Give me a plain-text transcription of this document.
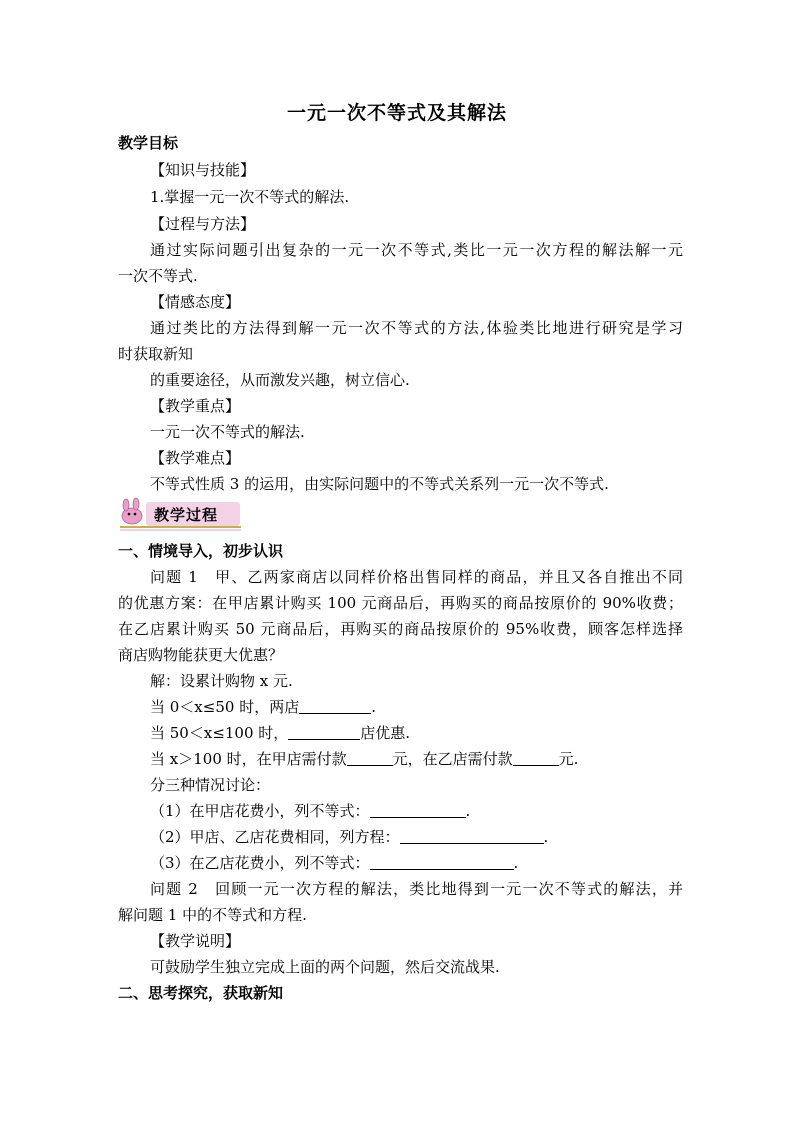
一元一次不等式及其解法
教学目标
【知识与技能】
1.掌握一元一次不等式的解法.
【过程与方法】
通过实际问题引出复杂的一元一次不等式,类比一元一次方程的解法解一元
一次不等式.
【情感态度】
通过类比的方法得到解一元一次不等式的方法,体验类比地进行研究是学习
时获取新知
的重要途径，从而激发兴趣，树立信心.
【教学重点】
一元一次不等式的解法.
【教学难点】
不等式性质 3 的运用，由实际问题中的不等式关系列一元一次不等式.
教学过程
一、情境导入，初步认识
问题 1　甲、乙两家商店以同样价格出售同样的商品，并且又各自推出不同
的优惠方案：在甲店累计购买 100 元商品后，再购买的商品按原价的 90%收费；
在乙店累计购买 50 元商品后，再购买的商品按原价的 95%收费，顾客怎样选择
商店购物能获更大优惠？
解：设累计购物 x 元.
当 0＜x≤50 时，两店	.
当 50＜x≤100 时，	店优惠.
当 x＞100 时，在甲店需付款	元，在乙店需付款	元.
分三种情况讨论：
（1）在甲店花费小，列不等式：	.
（2）甲店、乙店花费相同，列方程：	.
（3）在乙店花费小，列不等式：	.
问题 2　回顾一元一次方程的解法，类比地得到一元一次不等式的解法，并
解问题 1 中的不等式和方程.
【教学说明】
可鼓励学生独立完成上面的两个问题，然后交流战果.
二、思考探究，获取新知
